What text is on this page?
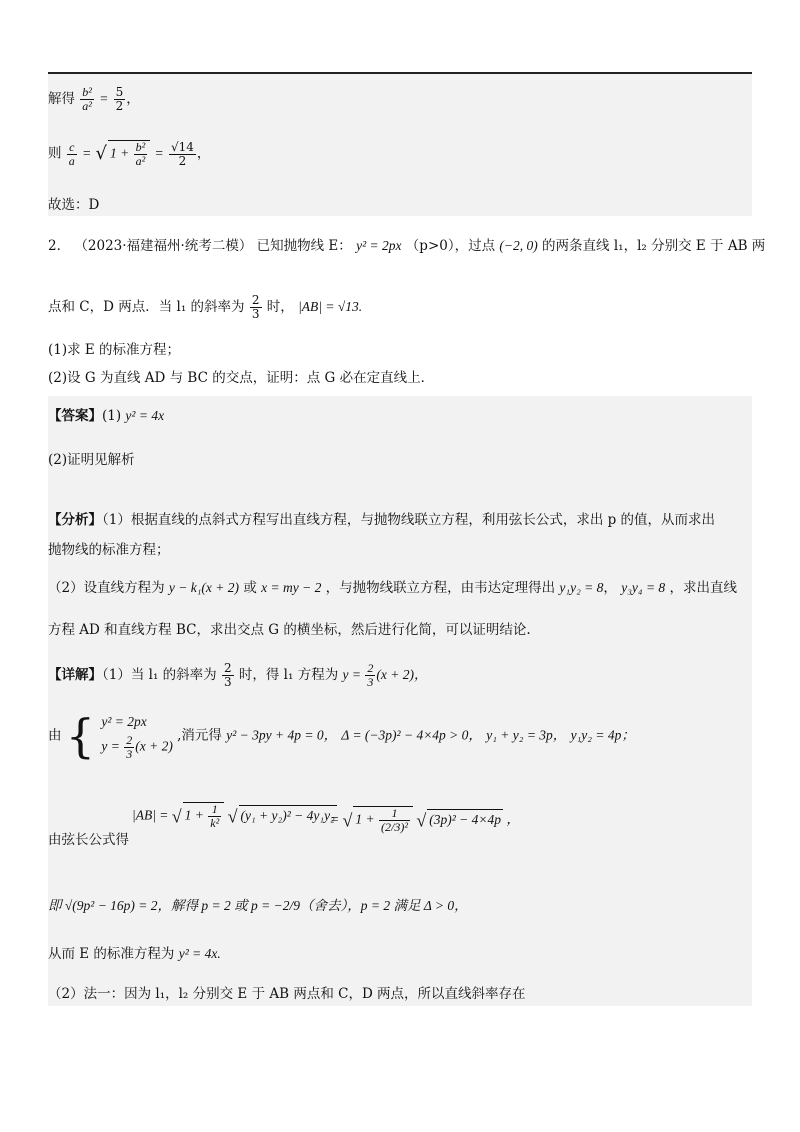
解得 $\frac{\text{b²}}{\text{a²}} = \frac{5}{2}$ ，
则 $\frac{c}{a}$ = √ $1 + \frac{\text{b²}}{\text{a²}} = \frac{√14}{2}$ ，
故选：D
2． （2023·福建福州·统考二模） 已知抛物线 E： y² = 2px （p>0），过点 (−2, 0) 的两条直线 l₁，l₂ 分别交 E 于 AB 两
点和 C，D 两点．当 l₁ 的斜率为 $\frac{2}{3}$ 时， |AB| = √13.
(1)求 E 的标准方程；
(2)设 G 为直线 AD 与 BC 的交点，证明：点 G 必在定直线上．
【答案】(1) y² = 4x
(2)证明见解析
【分析】（1）根据直线的点斜式方程写出直线方程，与抛物线联立方程，利用弦长公式，求出 p 的值，从而求出
抛物线的标准方程；
（2）设直线方程为 y − k₁(x + 2) 或 x = my − 2 ，与抛物线联立方程，由韦达定理得出 y₁y₂ = 8， y₃y₄ = 8 ，求出直线
方程 AD 和直线方程 BC，求出交点 G 的横坐标，然后进行化简，可以证明结论.
【详解】（1）当 l₁ 的斜率为 $\frac{2}{3}$ 时，得 l₁ 方程为 $y = \frac{2}{3} (x + 2)$，
由 { y² = 2px
$y = \frac{2}{3} (x + 2)$
,消元得 y² − 3py + 4p = 0， Δ = (−3p)² − 4×4p > 0， y₁ + y₂ = 3p， y₁y₂ = 4p；
|AB| = √ $1 + \frac{1}{\text{k²}}$ √ (y₁ + y₂)² − 4y₁y₂
= √ $1 + \frac{1}{\text{(2/3)²}}$ √ (3p)² − 4×4p ，
由弦长公式得
即 √(9p² − 16p) = 2，解得 p = 2 或 p = −2/9（舍去），p = 2 满足 Δ > 0，
从而 E 的标准方程为 y² = 4x.
（2）法一：因为 l₁，l₂ 分别交 E 于 AB 两点和 C，D 两点，所以直线斜率存在
